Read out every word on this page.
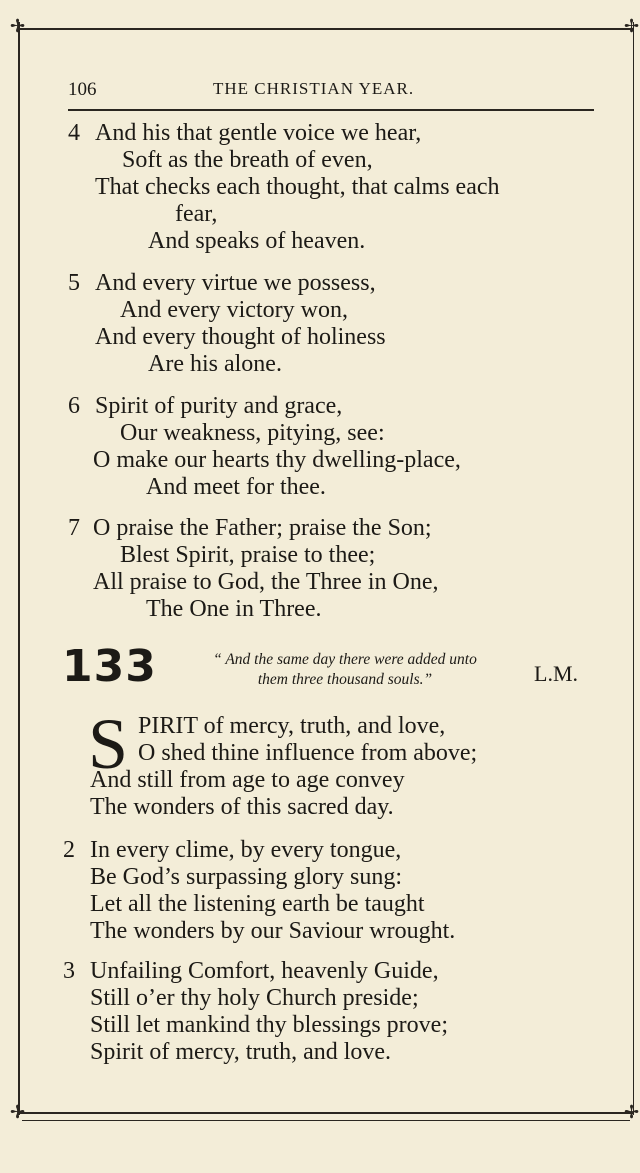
✢	✢
✢	✢
106	THE CHRISTIAN YEAR.
4 And his that gentle voice we hear,
Soft as the breath of even,
That checks each thought, that calms each
fear,
And speaks of heaven.
5 And every virtue we possess,
And every victory won,
And every thought of holiness
Are his alone.
6 Spirit of purity and grace,
Our weakness, pitying, see:
O make our hearts thy dwelling-place,
And meet for thee.
7 O praise the Father; praise the Son;
Blest Spirit, praise to thee;
All praise to God, the Three in One,
The One in Three.
133	“ And the same day there were added unto
them three thousand souls.”	L.M.
S PIRIT of mercy, truth, and love,
O shed thine influence from above;
And still from age to age convey
The wonders of this sacred day.
2 In every clime, by every tongue,
Be God’s surpassing glory sung:
Let all the listening earth be taught
The wonders by our Saviour wrought.
3 Unfailing Comfort, heavenly Guide,
Still o’er thy holy Church preside;
Still let mankind thy blessings prove;
Spirit of mercy, truth, and love.
